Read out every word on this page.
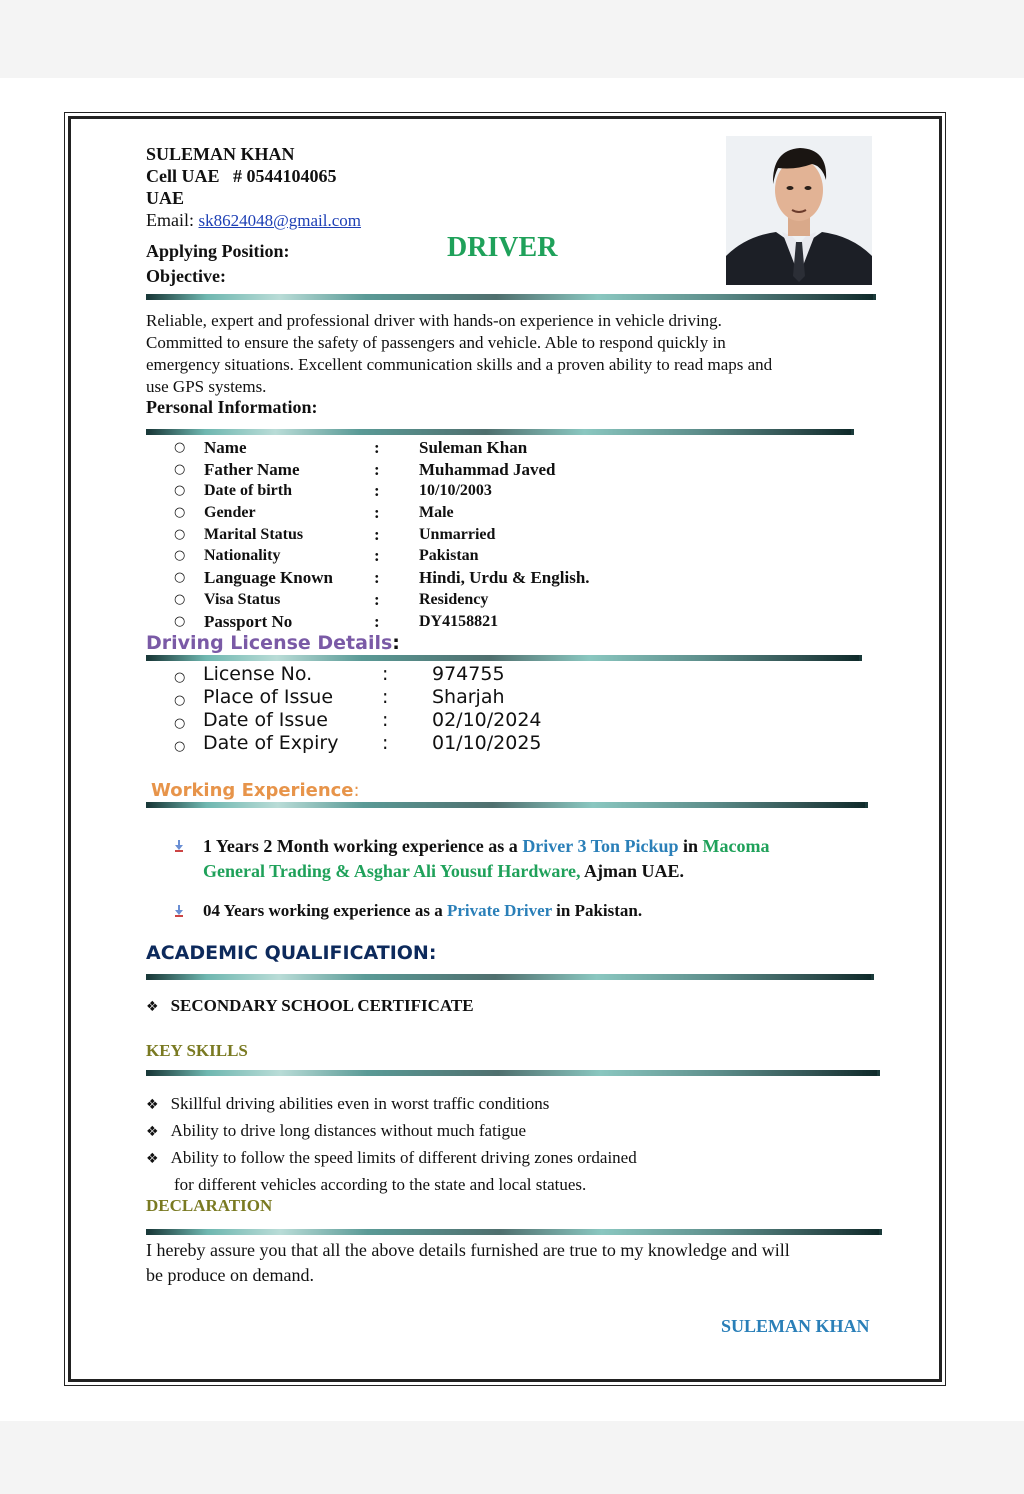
SULEMAN KHAN
Cell UAE   # 0544104065
UAE
Email: sk8624048@gmail.com
Applying Position:	DRIVER
Objective:
Reliable, expert and professional driver with hands-on experience in vehicle driving.
Committed to ensure the safety of passengers and vehicle. Able to respond quickly in
emergency situations. Excellent communication skills and a proven ability to read maps and
use GPS systems.
Personal Information:
○ Name	: Suleman Khan
○ Father Name	: Muhammad Javed
○ Date of birth	: 10/10/2003
○ Gender	: Male
○ Marital Status	: Unmarried
○ Nationality	: Pakistan
○ Language Known : Hindi, Urdu & English.
○ Visa Status	: Residency
○ Passport No	: DY4158821
Driving License Details:
○ License No.	: 974755
○ Place of Issue	: Sharjah
○ Date of Issue	: 02/10/2024
○ Date of Expiry : 01/10/2025
Working Experience:
1 Years 2 Month working experience as a Driver 3 Ton Pickup in Macoma
General Trading & Asghar Ali Yousuf Hardware, Ajman UAE.
04 Years working experience as a Private Driver in Pakistan.
ACADEMIC QUALIFICATION:
❖ SECONDARY SCHOOL CERTIFICATE
KEY SKILLS
❖ Skillful driving abilities even in worst traffic conditions
❖ Ability to drive long distances without much fatigue
❖ Ability to follow the speed limits of different driving zones ordained
for different vehicles according to the state and local statues.
DECLARATION
I hereby assure you that all the above details furnished are true to my knowledge and will
be produce on demand.
SULEMAN KHAN
